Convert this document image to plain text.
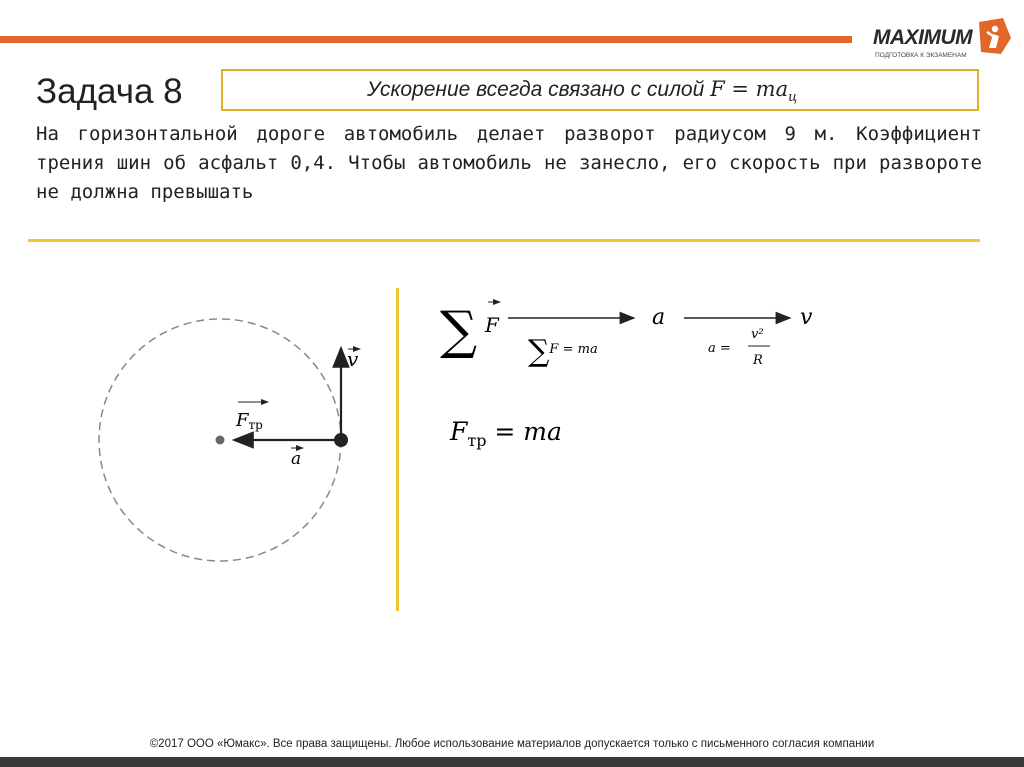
MAXIMUM
ПОДГОТОВКА К ЭКЗАМЕНАМ
Задача 8	Ускорение всегда связано с силой $F = ma_ц$
На горизонтальной дороге автомобиль делает разворот радиусом 9 м. Коэффициент трения шин об асфальт 0,4. Чтобы автомобиль не занесло, его скорость при развороте не должна превышать
v
Fтр
a
∑ F
∑F = ma
a
a =
v²
R
v
$F_{тр}$ = ma
©2017 ООО «Юмакс». Все права защищены. Любое использование материалов допускается только с письменного согласия компании
